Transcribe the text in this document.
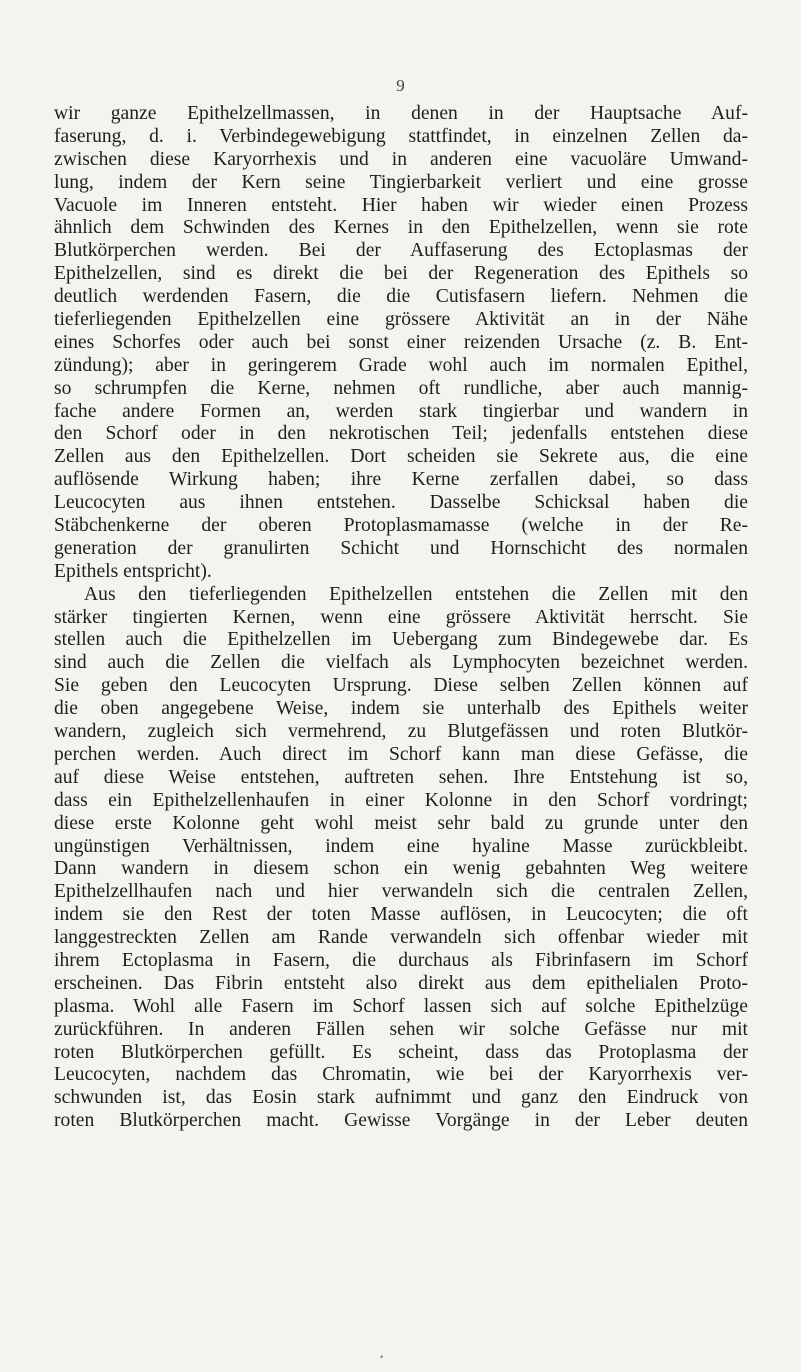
9
wir ganze Epithelzellmassen, in denen in der Hauptsache Auf-
faserung, d. i. Verbindegewebigung stattfindet, in einzelnen Zellen da-
zwischen diese Karyorrhexis und in anderen eine vacuoläre Umwand-
lung, indem der Kern seine Tingierbarkeit verliert und eine grosse
Vacuole im Inneren entsteht. Hier haben wir wieder einen Prozess
ähnlich dem Schwinden des Kernes in den Epithelzellen, wenn sie rote
Blutkörperchen werden. Bei der Auffaserung des Ectoplasmas der
Epithelzellen, sind es direkt die bei der Regeneration des Epithels so
deutlich werdenden Fasern, die die Cutisfasern liefern. Nehmen die
tieferliegenden Epithelzellen eine grössere Aktivität an in der Nähe
eines Schorfes oder auch bei sonst einer reizenden Ursache (z. B. Ent-
zündung); aber in geringerem Grade wohl auch im normalen Epithel,
so schrumpfen die Kerne, nehmen oft rundliche, aber auch mannig-
fache andere Formen an, werden stark tingierbar und wandern in
den Schorf oder in den nekrotischen Teil; jedenfalls entstehen diese
Zellen aus den Epithelzellen. Dort scheiden sie Sekrete aus, die eine
auflösende Wirkung haben; ihre Kerne zerfallen dabei, so dass
Leucocyten aus ihnen entstehen. Dasselbe Schicksal haben die
Stäbchenkerne der oberen Protoplasmamasse (welche in der Re-
generation der granulirten Schicht und Hornschicht des normalen
Epithels entspricht).
Aus den tieferliegenden Epithelzellen entstehen die Zellen mit den
stärker tingierten Kernen, wenn eine grössere Aktivität herrscht. Sie
stellen auch die Epithelzellen im Uebergang zum Bindegewebe dar. Es
sind auch die Zellen die vielfach als Lymphocyten bezeichnet werden.
Sie geben den Leucocyten Ursprung. Diese selben Zellen können auf
die oben angegebene Weise, indem sie unterhalb des Epithels weiter
wandern, zugleich sich vermehrend, zu Blutgefässen und roten Blutkör-
perchen werden. Auch direct im Schorf kann man diese Gefässe, die
auf diese Weise entstehen, auftreten sehen. Ihre Entstehung ist so,
dass ein Epithelzellenhaufen in einer Kolonne in den Schorf vordringt;
diese erste Kolonne geht wohl meist sehr bald zu grunde unter den
ungünstigen Verhältnissen, indem eine hyaline Masse zurückbleibt.
Dann wandern in diesem schon ein wenig gebahnten Weg weitere
Epithelzellhaufen nach und hier verwandeln sich die centralen Zellen,
indem sie den Rest der toten Masse auflösen, in Leucocyten; die oft
langgestreckten Zellen am Rande verwandeln sich offenbar wieder mit
ihrem Ectoplasma in Fasern, die durchaus als Fibrinfasern im Schorf
erscheinen. Das Fibrin entsteht also direkt aus dem epithelialen Proto-
plasma. Wohl alle Fasern im Schorf lassen sich auf solche Epithelzüge
zurückführen. In anderen Fällen sehen wir solche Gefässe nur mit
roten Blutkörperchen gefüllt. Es scheint, dass das Protoplasma der
Leucocyten, nachdem das Chromatin, wie bei der Karyorrhexis ver-
schwunden ist, das Eosin stark aufnimmt und ganz den Eindruck von
roten Blutkörperchen macht. Gewisse Vorgänge in der Leber deuten
•
